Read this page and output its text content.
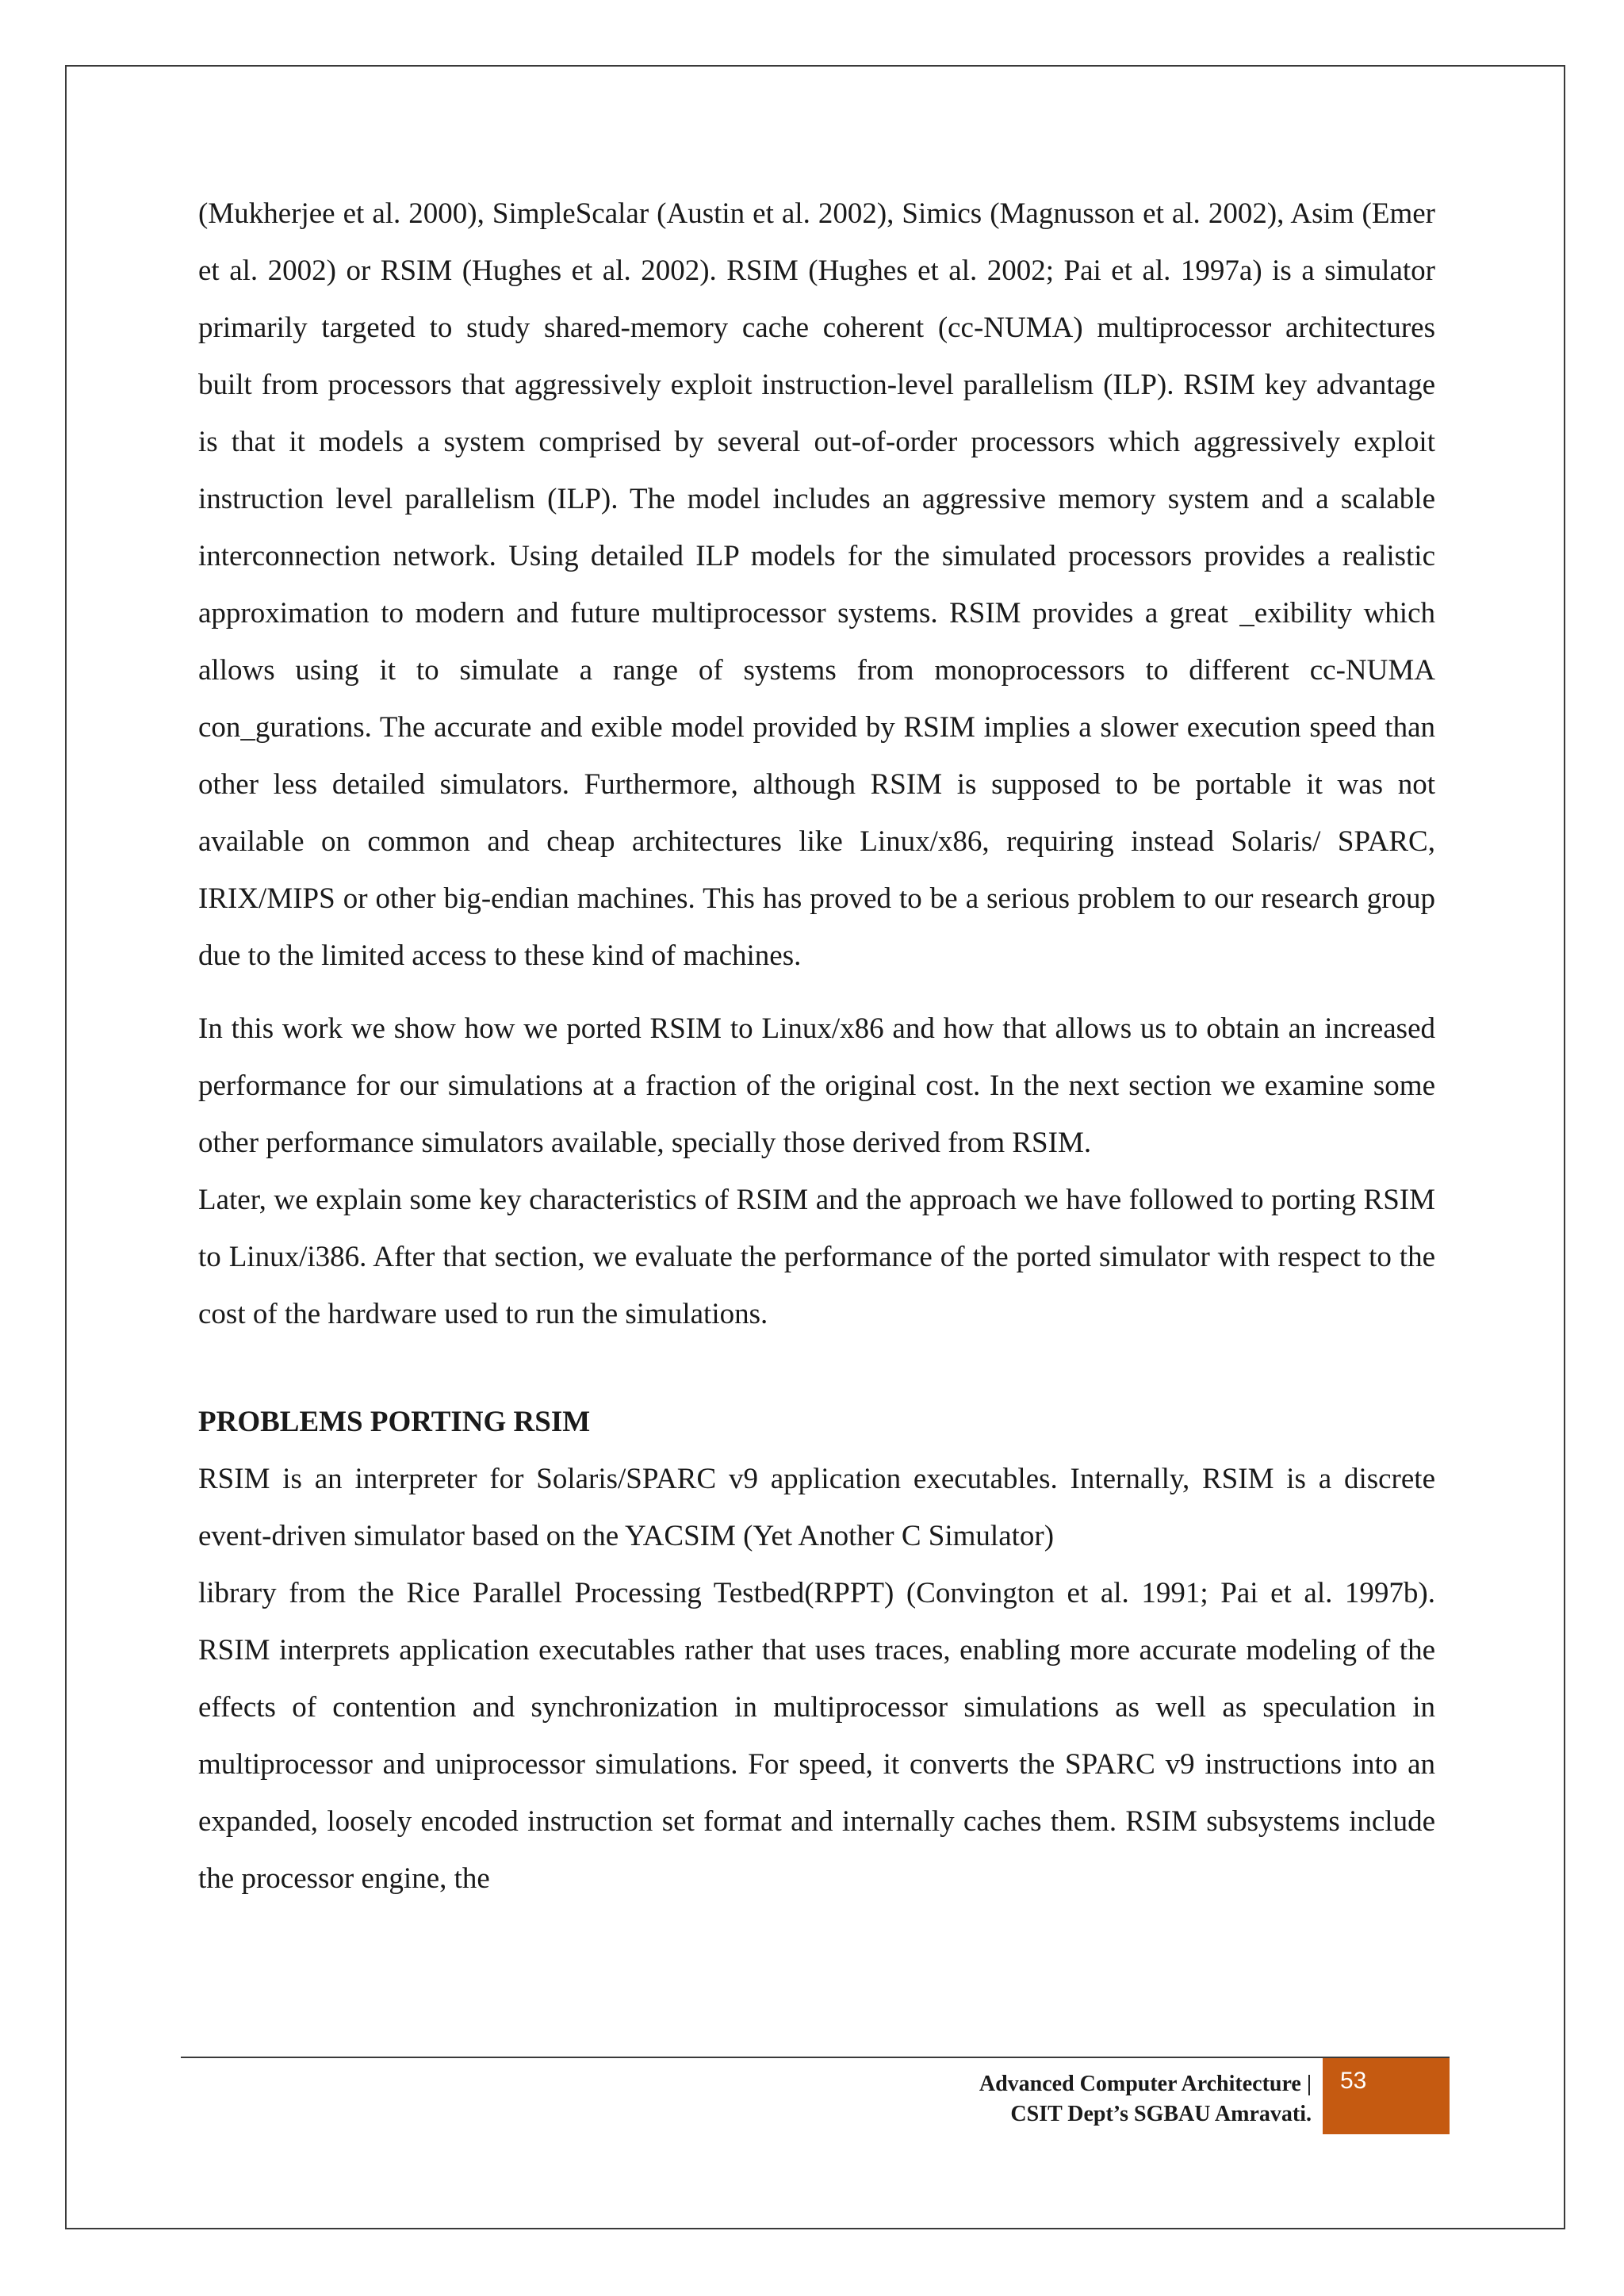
(Mukherjee et al. 2000), SimpleScalar (Austin et al. 2002), Simics (Magnusson et al. 2002), Asim (Emer et al. 2002) or RSIM (Hughes et al. 2002). RSIM (Hughes et al. 2002; Pai et al. 1997a) is a simulator primarily targeted to study shared-memory cache coherent (cc-NUMA) multiprocessor architectures built from processors that aggressively exploit instruction-level parallelism (ILP). RSIM key advantage is that it models a system comprised by several out-of-order processors which aggressively exploit instruction level parallelism (ILP). The model includes an aggressive memory system and a scalable interconnection network. Using detailed ILP models for the simulated processors provides a realistic approximation to modern and future multiprocessor systems. RSIM provides a great _exibility which allows using it to simulate a range of systems from monoprocessors to different cc-NUMA con_gurations. The accurate and exible model provided by RSIM implies a slower execution speed than other less detailed simulators. Furthermore, although RSIM is supposed to be portable it was not available on common and cheap architectures like Linux/x86, requiring instead Solaris/ SPARC, IRIX/MIPS or other big-endian machines. This has proved to be a serious problem to our research group due to the limited access to these kind of machines.

In this work we show how we ported RSIM to Linux/x86 and how that allows us to obtain an increased performance for our simulations at a fraction of the original cost. In the next section we examine some other performance simulators available, specially those derived from RSIM.

Later, we explain some key characteristics of RSIM and the approach we have followed to porting RSIM to Linux/i386. After that section, we evaluate the performance of the ported simulator with respect to the cost of the hardware used to run the simulations.

PROBLEMS PORTING RSIM

RSIM is an interpreter for Solaris/SPARC v9 application executables. Internally, RSIM is a discrete event-driven simulator based on the YACSIM (Yet Another C Simulator)

library from the Rice Parallel Processing Testbed(RPPT) (Convington et al. 1991; Pai et al. 1997b). RSIM interprets application executables rather that uses traces, enabling more accurate modeling of the effects of contention and synchronization in multiprocessor simulations as well as speculation in multiprocessor and uniprocessor simulations. For speed, it converts the SPARC v9 instructions into an expanded, loosely encoded instruction set format and internally caches them. RSIM subsystems include the processor engine, the

Advanced Computer Architecture |
CSIT Dept’s SGBAU Amravati.
53
